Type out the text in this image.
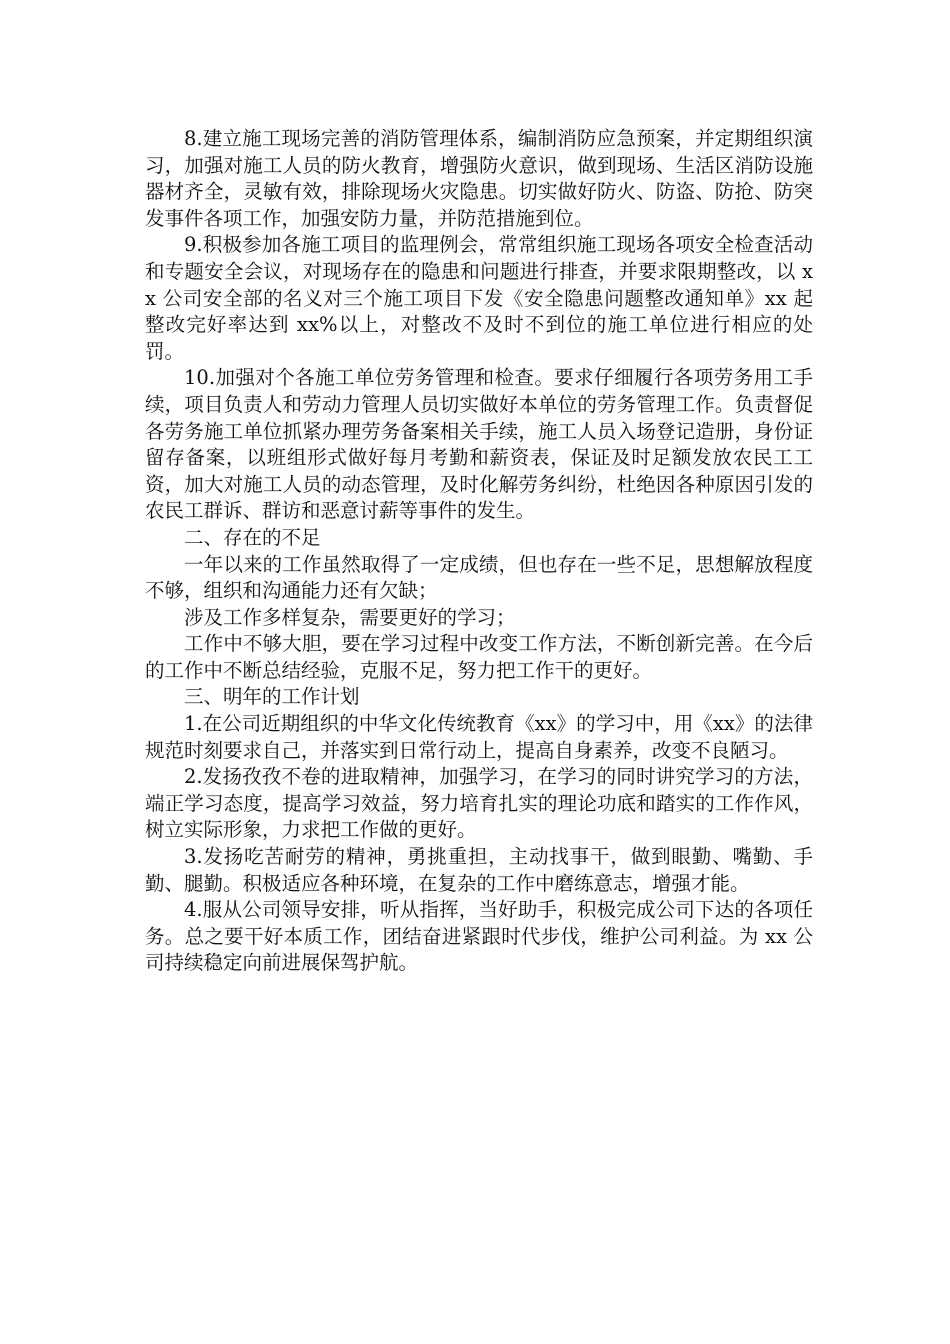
8.建立施工现场完善的消防管理体系，编制消防应急预案，并定期组织演习，加强对施工人员的防火教育，增强防火意识，做到现场、生活区消防设施器材齐全，灵敏有效，排除现场火灾隐患。切实做好防火、防盗、防抢、防突发事件各项工作，加强安防力量，并防范措施到位。

9.积极参加各施工项目的监理例会，常常组织施工现场各项安全检查活动和专题安全会议，对现场存在的隐患和问题进行排查，并要求限期整改，以 xx 公司安全部的名义对三个施工项目下发《安全隐患问题整改通知单》xx 起整改完好率达到 xx%以上，对整改不及时不到位的施工单位进行相应的处罚。

10.加强对个各施工单位劳务管理和检查。要求仔细履行各项劳务用工手续，项目负责人和劳动力管理人员切实做好本单位的劳务管理工作。负责督促各劳务施工单位抓紧办理劳务备案相关手续，施工人员入场登记造册，身份证留存备案，以班组形式做好每月考勤和薪资表，保证及时足额发放农民工工资，加大对施工人员的动态管理，及时化解劳务纠纷，杜绝因各种原因引发的农民工群诉、群访和恶意讨薪等事件的发生。

二、存在的不足

一年以来的工作虽然取得了一定成绩，但也存在一些不足，思想解放程度不够，组织和沟通能力还有欠缺；

涉及工作多样复杂，需要更好的学习；

工作中不够大胆，要在学习过程中改变工作方法，不断创新完善。在今后的工作中不断总结经验，克服不足，努力把工作干的更好。

三、明年的工作计划

1.在公司近期组织的中华文化传统教育《xx》的学习中，用《xx》的法律规范时刻要求自己，并落实到日常行动上，提高自身素养，改变不良陋习。

2.发扬孜孜不卷的进取精神，加强学习，在学习的同时讲究学习的方法，端正学习态度，提高学习效益，努力培育扎实的理论功底和踏实的工作作风，树立实际形象，力求把工作做的更好。

3.发扬吃苦耐劳的精神，勇挑重担，主动找事干，做到眼勤、嘴勤、手勤、腿勤。积极适应各种环境，在复杂的工作中磨练意志，增强才能。

4.服从公司领导安排，听从指挥，当好助手，积极完成公司下达的各项任务。总之要干好本质工作，团结奋进紧跟时代步伐，维护公司利益。为 xx 公司持续稳定向前进展保驾护航。
